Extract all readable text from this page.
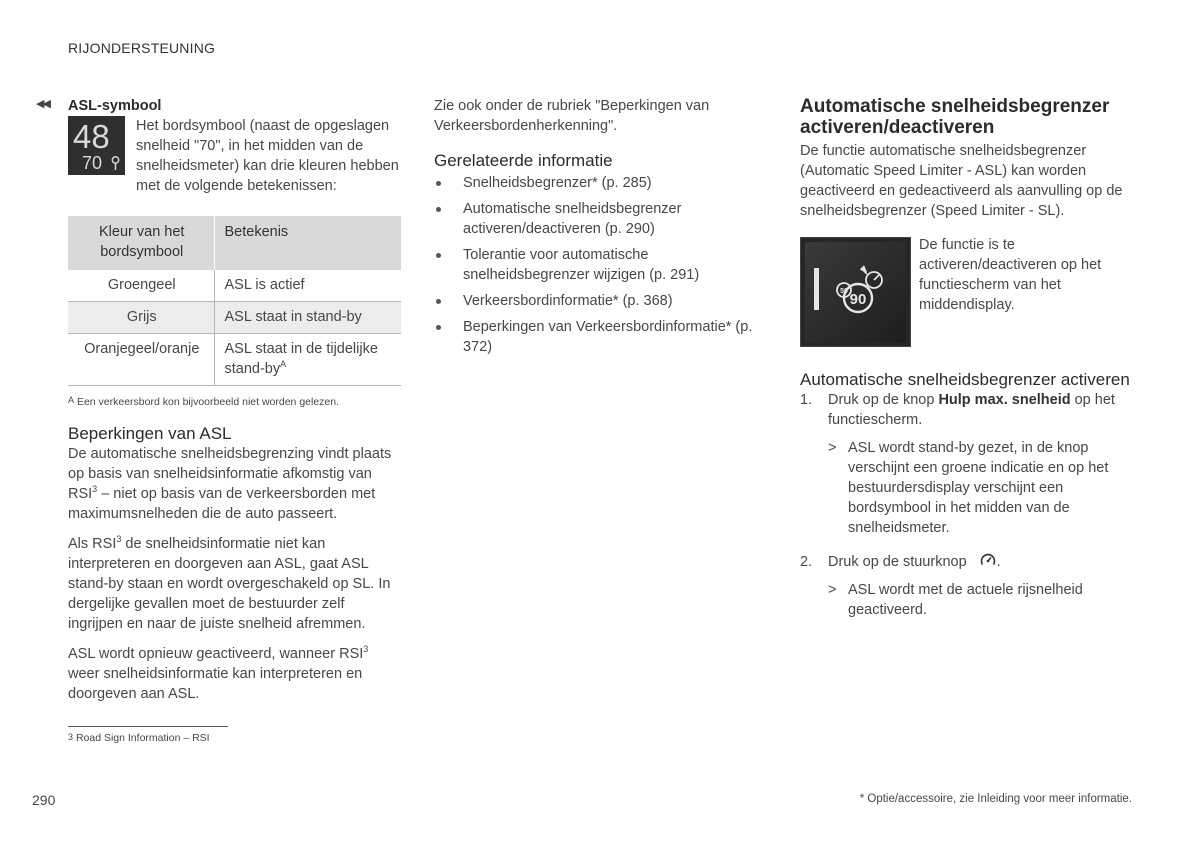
RIJONDERSTEUNING
◀◀ ASL-symbool
48
70

Het bordsymbool (naast de opgeslagen snelheid "70", in het midden van de snelheidsmeter) kan drie kleuren hebben met de volgende betekenissen:

Kleur van het bordsymbool	Betekenis
Groengeel	ASL is actief
Grijs	ASL staat in stand-by
Oranjegeel/oranje	ASL staat in de tijdelijke stand-$by^A$
$^A$ Een verkeersbord kon bijvoorbeeld niet worden gelezen.
Beperkingen van ASL

De automatische snelheidsbegrenzing vindt plaats op basis van snelheidsinformatie afkomstig van RSI$^3$ – niet op basis van de verkeersborden met maximumsnelheden die de auto passeert.

Als RSI$^3$ de snelheidsinformatie niet kan interpreteren en doorgeven aan ASL, gaat ASL stand-by staan en wordt overgeschakeld op SL. In dergelijke gevallen moet de bestuurder zelf ingrijpen en naar de juiste snelheid afremmen.

ASL wordt opnieuw geactiveerd, wanneer RSI$^3$ weer snelheidsinformatie kan interpreteren en doorgeven aan ASL.

Zie ook onder de rubriek "Beperkingen van Verkeersbordenherkenning".

Gerelateerde informatie
Snelheidsbegrenzer* (p. 285)
Automatische snelheidsbegrenzer activeren/deactiveren (p. 290)
Tolerantie voor automatische snelheidsbegrenzer wijzigen (p. 291)
Verkeersbordinformatie* (p. 368)
Beperkingen van Verkeersbordinformatie* (p. 372)
Automatische snelheidsbegrenzer activeren/deactiveren

De functie automatische snelheidsbegrenzer (Automatic Speed Limiter - ASL) kan worden geactiveerd en gedeactiveerd als aanvulling op de snelheidsbegrenzer (Speed Limiter - SL).

90
50

De functie is te activeren/deactiveren op het functiescherm van het middendisplay.

Automatische snelheidsbegrenzer activeren
1. Druk op de knop Hulp max. snelheid op het functiescherm.
> ASL wordt stand-by gezet, in de knop verschijnt een groene indicatie en op het bestuurdersdisplay verschijnt een bordsymbool in het midden van de snelheidsmeter.
2. Druk op de stuurknop .
> ASL wordt met de actuele rijsnelheid geactiveerd.
$^3$ Road Sign Information – RSI
290	* Optie/accessoire, zie Inleiding voor meer informatie.
